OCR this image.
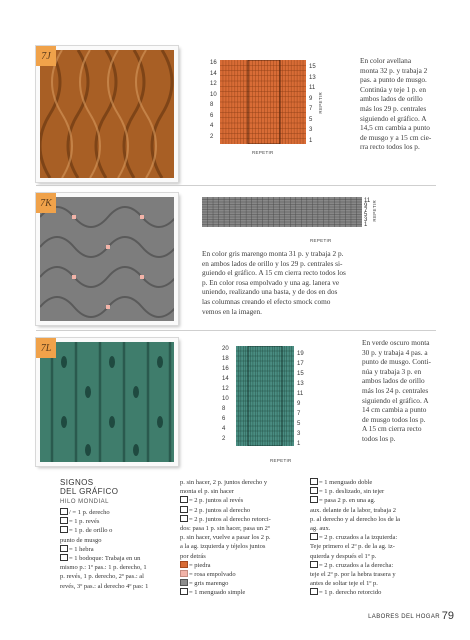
7J
16
14
12
10
8
6
4
2
15
13
11
9
7
5
3
1
REPETIR
REPETIR
En color avellana
monta 32 p. y trabaja 2
pas. a punto de musgo.
Continúa y teje 1 p. en
ambos lados de orillo
más los 29 p. centrales
siguiendo el gráfico. A
14,5 cm cambia a punto
de musgo y a 15 cm cie-
rra recto todos los p.
7K	11
9
7
5
3
1
REPETIR
REPETIR
En color gris marengo monta 31 p. y trabaja 2 p.
en ambos lados de orillo y los 29 p. centrales si-
guiendo el gráfico. A 15 cm cierra recto todos los
p. En color rosa empolvado y una ag. lanera ve
uniendo, realizando una basta, y de dos en dos
las columnas creando el efecto smock como
vemos en la imagen.
7L	20
18
16
14
12
10
8
6
4
2
19
17
15
13
11
9
7
5
3
1
REPETIR
En verde oscuro monta
30 p. y trabaja 4 pas. a
punto de musgo. Conti-
núa y trabaja 3 p. en
ambos lados de orillo
más los 24 p. centrales
siguiendo el gráfico. A
14 cm cambia a punto
de musgo todos los p.
A 15 cm cierra recto
todos los p.
SIGNOS
DEL GRÁFICO
HILO MONDIAL
/ = 1 p. derecho
= 1 p. revés
= 1 p. de orillo o
punto de musgo
= 1 hebra
= 1 bodoque: Trabaja en un
mismo p.: 1º pas.: 1 p. derecho, 1
p. revés, 1 p. derecho, 2º pas.: al
revés, 3º pas.: al derecho 4º pas: 1
p. sin hacer, 2 p. juntos derecho y
monta el p. sin hacer
= 2 p. juntos al revés
= 2 p. juntos al derecho
= 2 p. juntos al derecho retorci-
dos: pasa 1 p. sin hacer, pasa un 2º
p. sin hacer, vuelve a pasar los 2 p.
a la ag. izquierda y téjelos juntos
por detrás
= piedra
= rosa empolvado
= gris marengo
= 1 menguado simple
= 1 menguado doble
= 1 p. deslizado, sin tejer
= pasa 2 p. en una ag.
aux. delante de la labor, trabaja 2
p. al derecho y al derecho los de la
ag. aux.
= 2 p. cruzados a la izquierda:
Teje primero el 2º p. de la ag. iz-
quierda y después el 1º p.
= 2 p. cruzados a la derecha:
teje el 2º p. por la hebra trasera y
antes de soltar teje el 1º p.
= 1 p. derecho retorcido
LABORES DEL HOGAR 79
